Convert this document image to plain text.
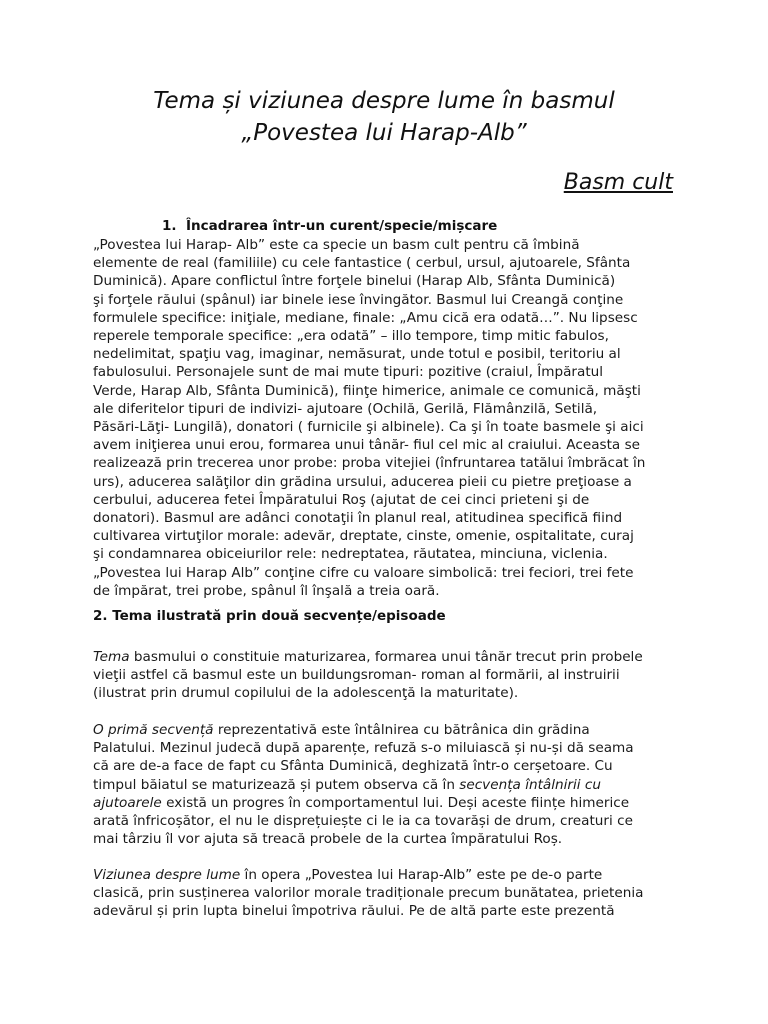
Tema și viziunea despre lume în basmul
„Povestea lui Harap-Alb”
Basm cult
1. Încadrarea într-un curent/specie/mișcare
„Povestea lui Harap- Alb” este ca specie un basm cult pentru că îmbină
elemente de real (familiile) cu cele fantastice ( cerbul, ursul, ajutoarele, Sfânta
Duminică). Apare conflictul între forţele binelui (Harap Alb, Sfânta Duminică)
şi forţele răului (spânul) iar binele iese învingător. Basmul lui Creangă conţine
formulele specifice: iniţiale, mediane, finale: „Amu cică era odată…”. Nu lipsesc
reperele temporale specifice: „era odată” – illo tempore, timp mitic fabulos,
nedelimitat, spaţiu vag, imaginar, nemăsurat, unde totul e posibil, teritoriu al
fabulosului. Personajele sunt de mai mute tipuri: pozitive (craiul, Împăratul
Verde, Harap Alb, Sfânta Duminică), fiinţe himerice, animale ce comunică, măşti
ale diferitelor tipuri de indivizi- ajutoare (Ochilă, Gerilă, Flămânzilă, Setilă,
Păsări-Lăţi- Lungilă), donatori ( furnicile şi albinele). Ca şi în toate basmele şi aici
avem iniţierea unui erou, formarea unui tânăr- fiul cel mic al craiului. Aceasta se
realizează prin trecerea unor probe: proba vitejiei (înfruntarea tatălui îmbrăcat în
urs), aducerea salăţilor din grădina ursului, aducerea pieii cu pietre preţioase a
cerbului, aducerea fetei Împăratului Roş (ajutat de cei cinci prieteni şi de
donatori). Basmul are adânci conotaţii în planul real, atitudinea specifică fiind
cultivarea virtuţilor morale: adevăr, dreptate, cinste, omenie, ospitalitate, curaj
şi condamnarea obiceiurilor rele: nedreptatea, răutatea, minciuna, viclenia.
„Povestea lui Harap Alb” conţine cifre cu valoare simbolică: trei feciori, trei fete
de împărat, trei probe, spânul îl înşală a treia oară.
2. Tema ilustrată prin două secvențe/episoade
Tema basmului o constituie maturizarea, formarea unui tânăr trecut prin probele
vieţii astfel că basmul este un buildungsroman- roman al formării, al instruirii
(ilustrat prin drumul copilului de la adolescenţă la maturitate).
O primă secvență reprezentativă este întâlnirea cu bătrânica din grădina
Palatului. Mezinul judecă după aparențe, refuză s-o miluiască și nu-și dă seama
că are de-a face de fapt cu Sfânta Duminică, deghizată într-o cerșetoare. Cu
timpul băiatul se maturizează și putem observa că în secvența întâlnirii cu
ajutoarele există un progres în comportamentul lui. Deși aceste ființe himerice
arată înfricoșător, el nu le disprețuiește ci le ia ca tovarăși de drum, creaturi ce
mai târziu îl vor ajuta să treacă probele de la curtea împăratului Roș.
Viziunea despre lume în opera „Povestea lui Harap-Alb” este pe de-o parte
clasică, prin susținerea valorilor morale tradiționale precum bunătatea, prietenia
adevărul și prin lupta binelui împotriva răului. Pe de altă parte este prezentă
